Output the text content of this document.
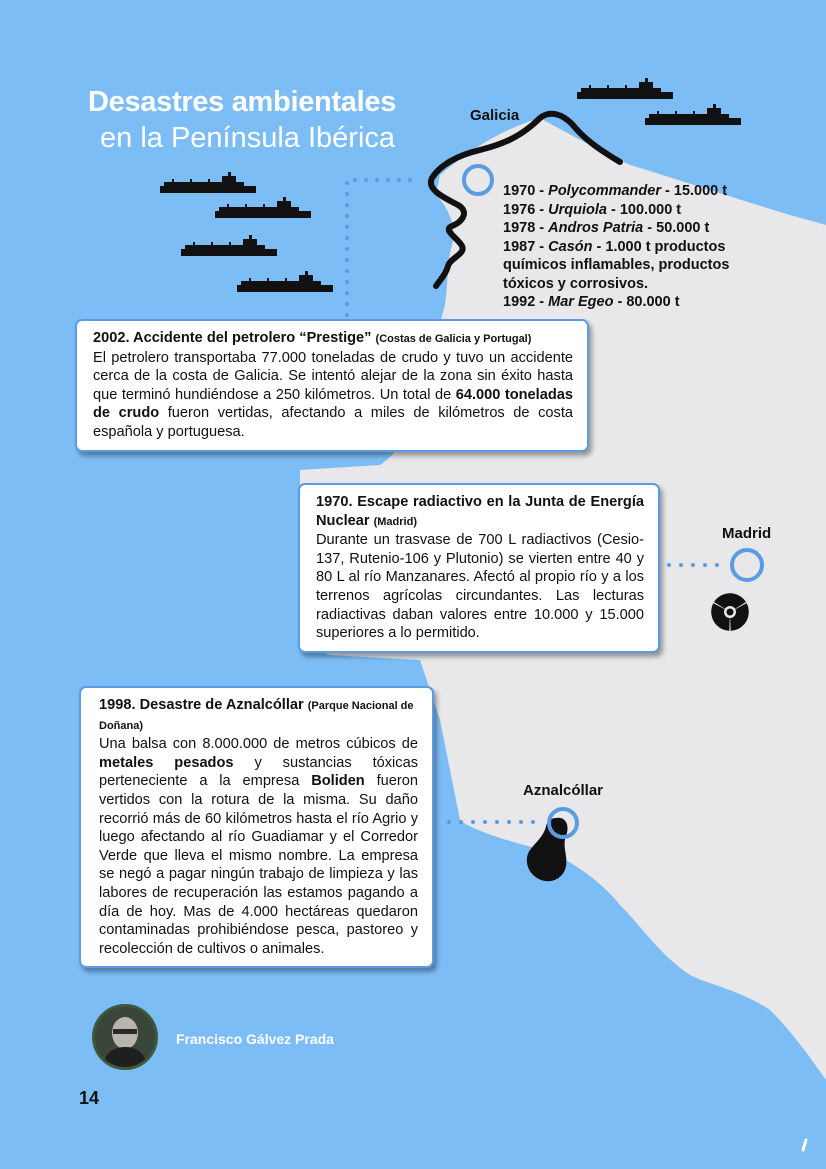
Desastres ambientales
en la Península Ibérica
Galicia
Madrid
Aznalcóllar
1970 - Polycommander - 15.000 t
1976 - Urquiola - 100.000 t
1978 - Andros Patria - 50.000 t
1987 - Casón - 1.000 t productos
químicos inflamables, productos
tóxicos y corrosivos.
1992 - Mar Egeo - 80.000 t
2002. Accidente del petrolero “Prestige” (Costas de Galicia y Portugal)

El petrolero transportaba 77.000 toneladas de crudo y tuvo un accidente cerca de la costa de Galicia. Se intentó alejar de la zona sin éxito hasta que terminó hundiéndose a 250 kilómetros. Un total de 64.000 toneladas de crudo fueron vertidas, afectando a miles de kilómetros de costa española y portuguesa.

1970. Escape radiactivo en la Junta de Energía Nuclear (Madrid)

Durante un trasvase de 700 L radiactivos (Cesio-137, Rutenio-106 y Plutonio) se vierten entre 40 y 80 L al río Manzanares. Afectó al propio río y a los terrenos agrícolas circundantes. Las lecturas radiactivas daban valores entre 10.000 y 15.000 superiores a lo permitido.

1998. Desastre de Aznalcóllar (Parque Nacional de Doñana)

Una balsa con 8.000.000 de metros cúbicos de metales pesados y sustancias tóxicas perteneciente a la empresa Boliden fueron vertidos con la rotura de la misma. Su daño recorrió más de 60 kilómetros hasta el río Agrio y luego afectando al río Guadiamar y el Corredor Verde que lleva el mismo nombre. La empresa se negó a pagar ningún trabajo de limpieza y las labores de recuperación las estamos pagando a día de hoy. Mas de 4.000 hectáreas quedaron contaminadas prohibiéndose pesca, pastoreo y recolección de cultivos o animales.

Francisco Gálvez Prada
14
